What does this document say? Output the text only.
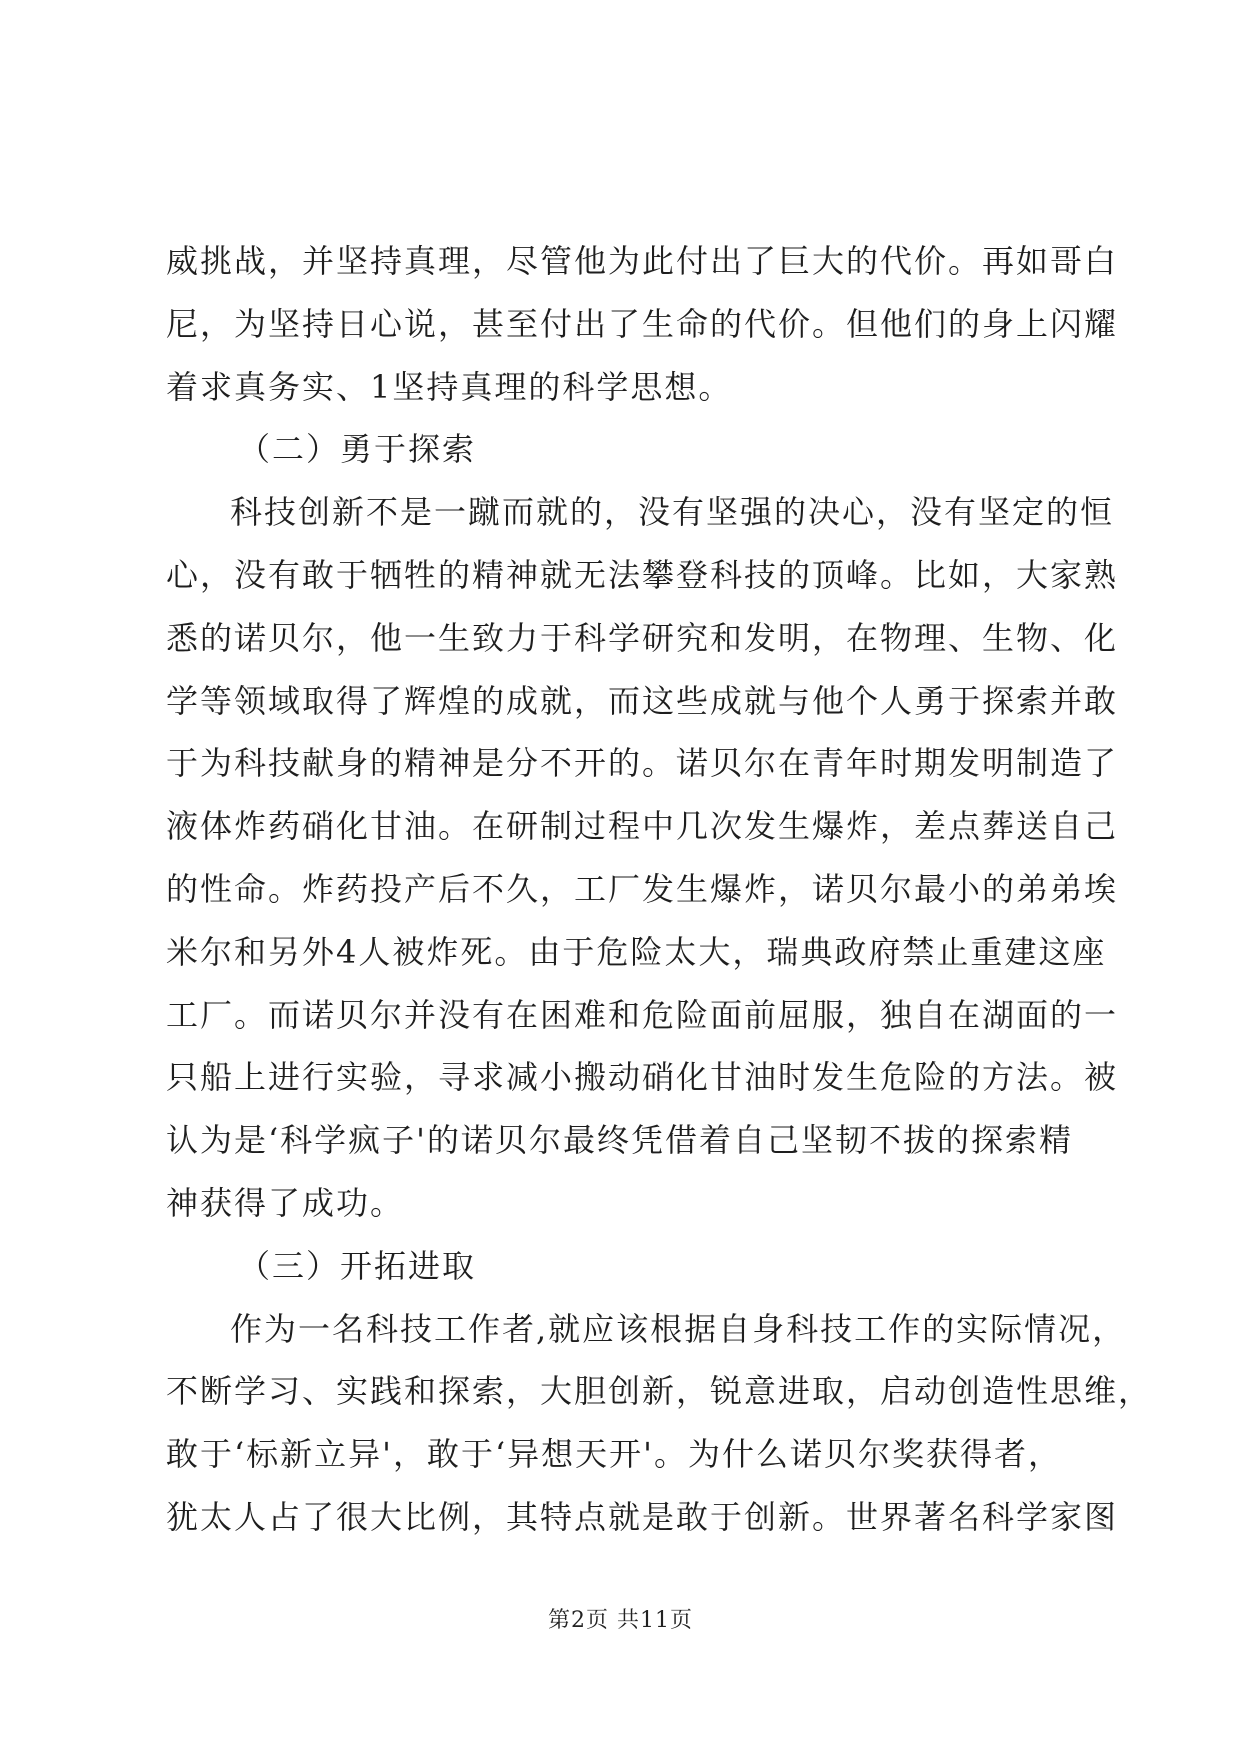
威挑战，并坚持真理，尽管他为此付出了巨大的代价。再如哥白
尼，为坚持日心说，甚至付出了生命的代价。但他们的身上闪耀
着求真务实、1坚持真理的科学思想。
（二）勇于探索
科技创新不是一蹴而就的，没有坚强的决心，没有坚定的恒
心，没有敢于牺牲的精神就无法攀登科技的顶峰。比如，大家熟
悉的诺贝尔，他一生致力于科学研究和发明，在物理、生物、化
学等领域取得了辉煌的成就，而这些成就与他个人勇于探索并敢
于为科技献身的精神是分不开的。诺贝尔在青年时期发明制造了
液体炸药硝化甘油。在研制过程中几次发生爆炸，差点葬送自己
的性命。炸药投产后不久，工厂发生爆炸，诺贝尔最小的弟弟埃
米尔和另外4人被炸死。由于危险太大，瑞典政府禁止重建这座
工厂。而诺贝尔并没有在困难和危险面前屈服，独自在湖面的一
只船上进行实验，寻求减小搬动硝化甘油时发生危险的方法。被
认为是‘科学疯子'的诺贝尔最终凭借着自己坚韧不拔的探索精
神获得了成功。
（三）开拓进取
作为一名科技工作者,就应该根据自身科技工作的实际情况，
不断学习、实践和探索，大胆创新，锐意进取，启动创造性思维，
敢于‘标新立异'，敢于‘异想天开'。为什么诺贝尔奖获得者，
犹太人占了很大比例，其特点就是敢于创新。世界著名科学家图
第2页 共11页
